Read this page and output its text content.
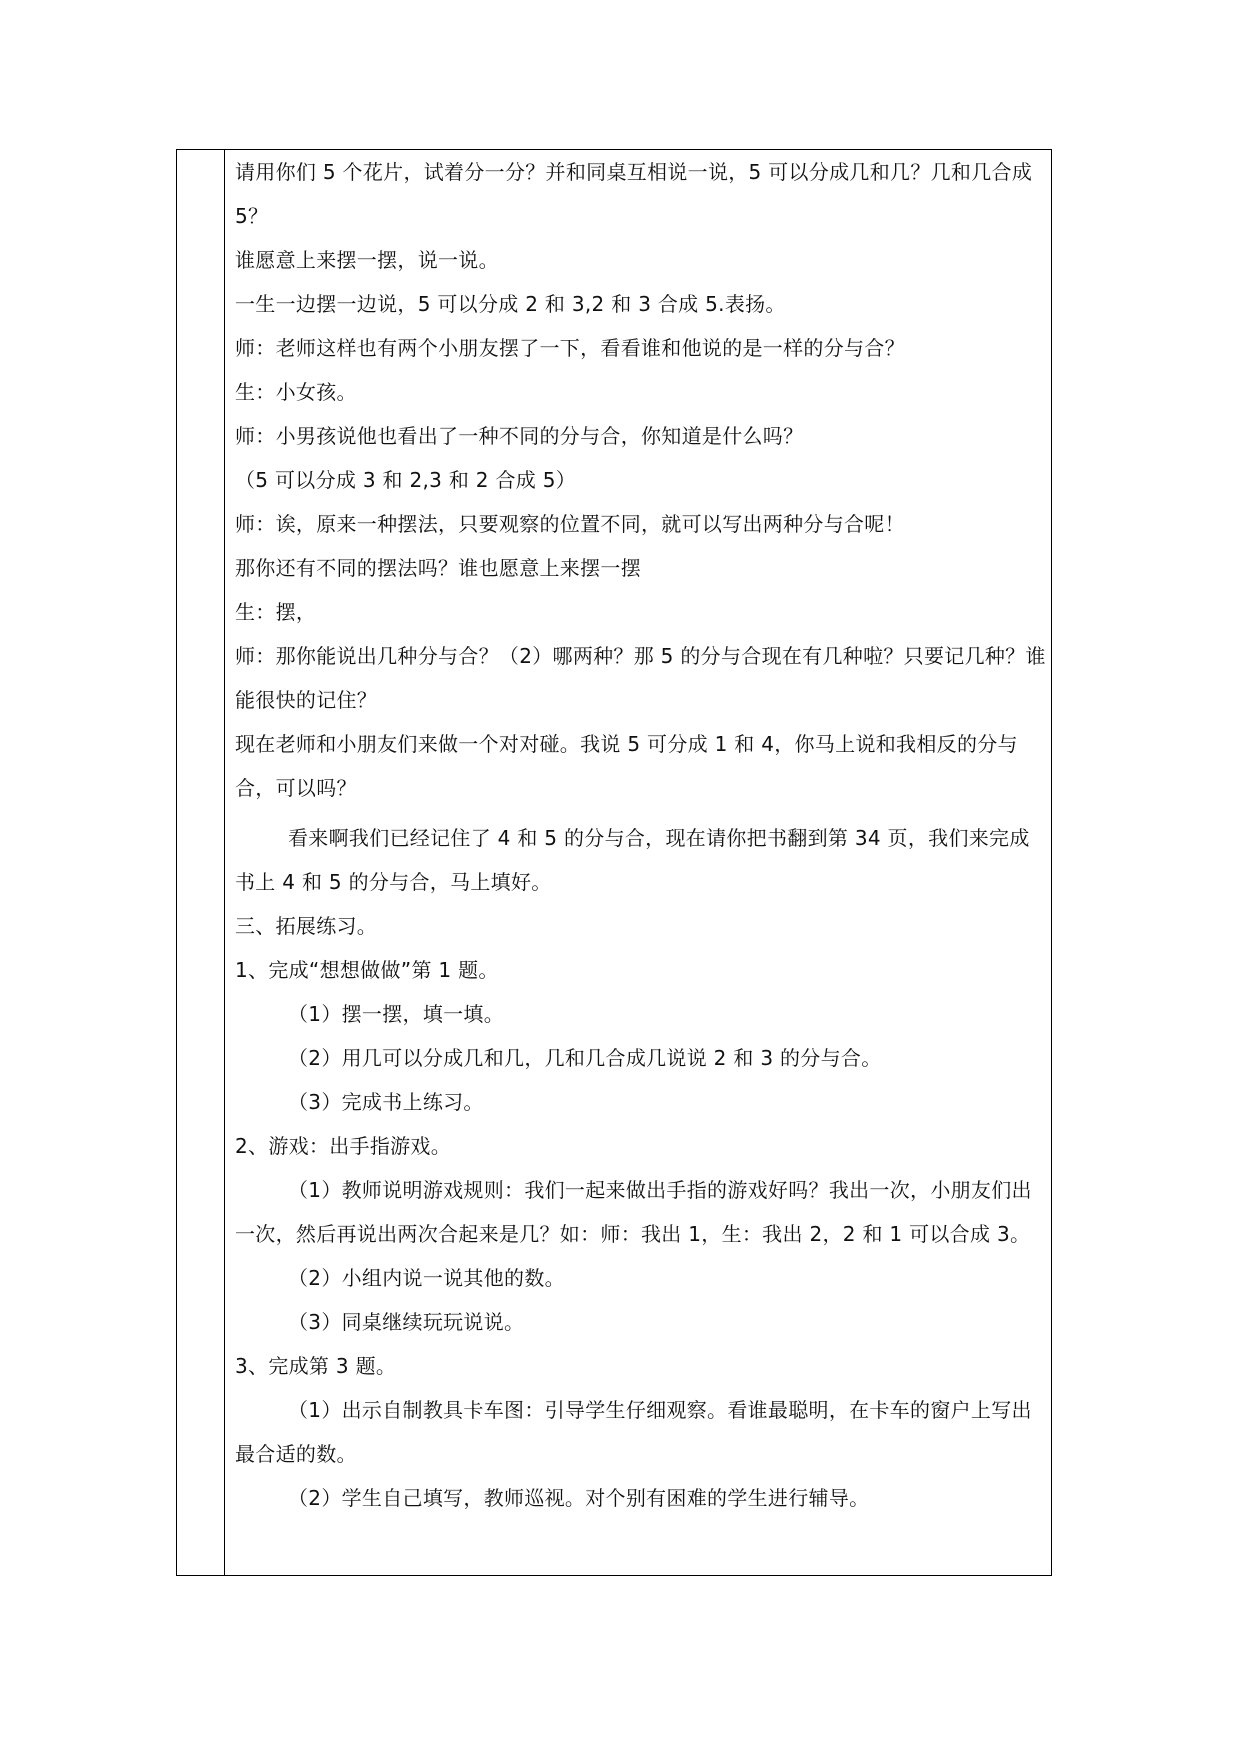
请用你们 5 个花片，试着分一分？并和同桌互相说一说，5 可以分成几和几？几和几合成 5？

谁愿意上来摆一摆，说一说。

一生一边摆一边说，5 可以分成 2 和 3,2 和 3 合成 5.表扬。

师：老师这样也有两个小朋友摆了一下，看看谁和他说的是一样的分与合？

生：小女孩。

师：小男孩说他也看出了一种不同的分与合，你知道是什么吗？

（5 可以分成 3 和 2,3 和 2 合成 5）

师：诶，原来一种摆法，只要观察的位置不同，就可以写出两种分与合呢！

那你还有不同的摆法吗？谁也愿意上来摆一摆

生：摆，

师：那你能说出几种分与合？（2）哪两种？那 5 的分与合现在有几种啦？只要记几种？谁能很快的记住？

现在老师和小朋友们来做一个对对碰。我说 5 可分成 1 和 4，你马上说和我相反的分与合，可以吗？

看来啊我们已经记住了 4 和 5 的分与合，现在请你把书翻到第 34 页，我们来完成书上 4 和 5 的分与合，马上填好。

三、拓展练习。

1、完成“想想做做”第 1 题。

（1）摆一摆，填一填。

（2）用几可以分成几和几，几和几合成几说说 2 和 3 的分与合。

（3）完成书上练习。

2、游戏：出手指游戏。

（1）教师说明游戏规则：我们一起来做出手指的游戏好吗？我出一次，小朋友们出一次，然后再说出两次合起来是几？如：师：我出 1，生：我出 2，2 和 1 可以合成 3。

（2）小组内说一说其他的数。

（3）同桌继续玩玩说说。

3、完成第 3 题。

（1）出示自制教具卡车图：引导学生仔细观察。看谁最聪明，在卡车的窗户上写出最合适的数。

（2）学生自己填写，教师巡视。对个别有困难的学生进行辅导。
